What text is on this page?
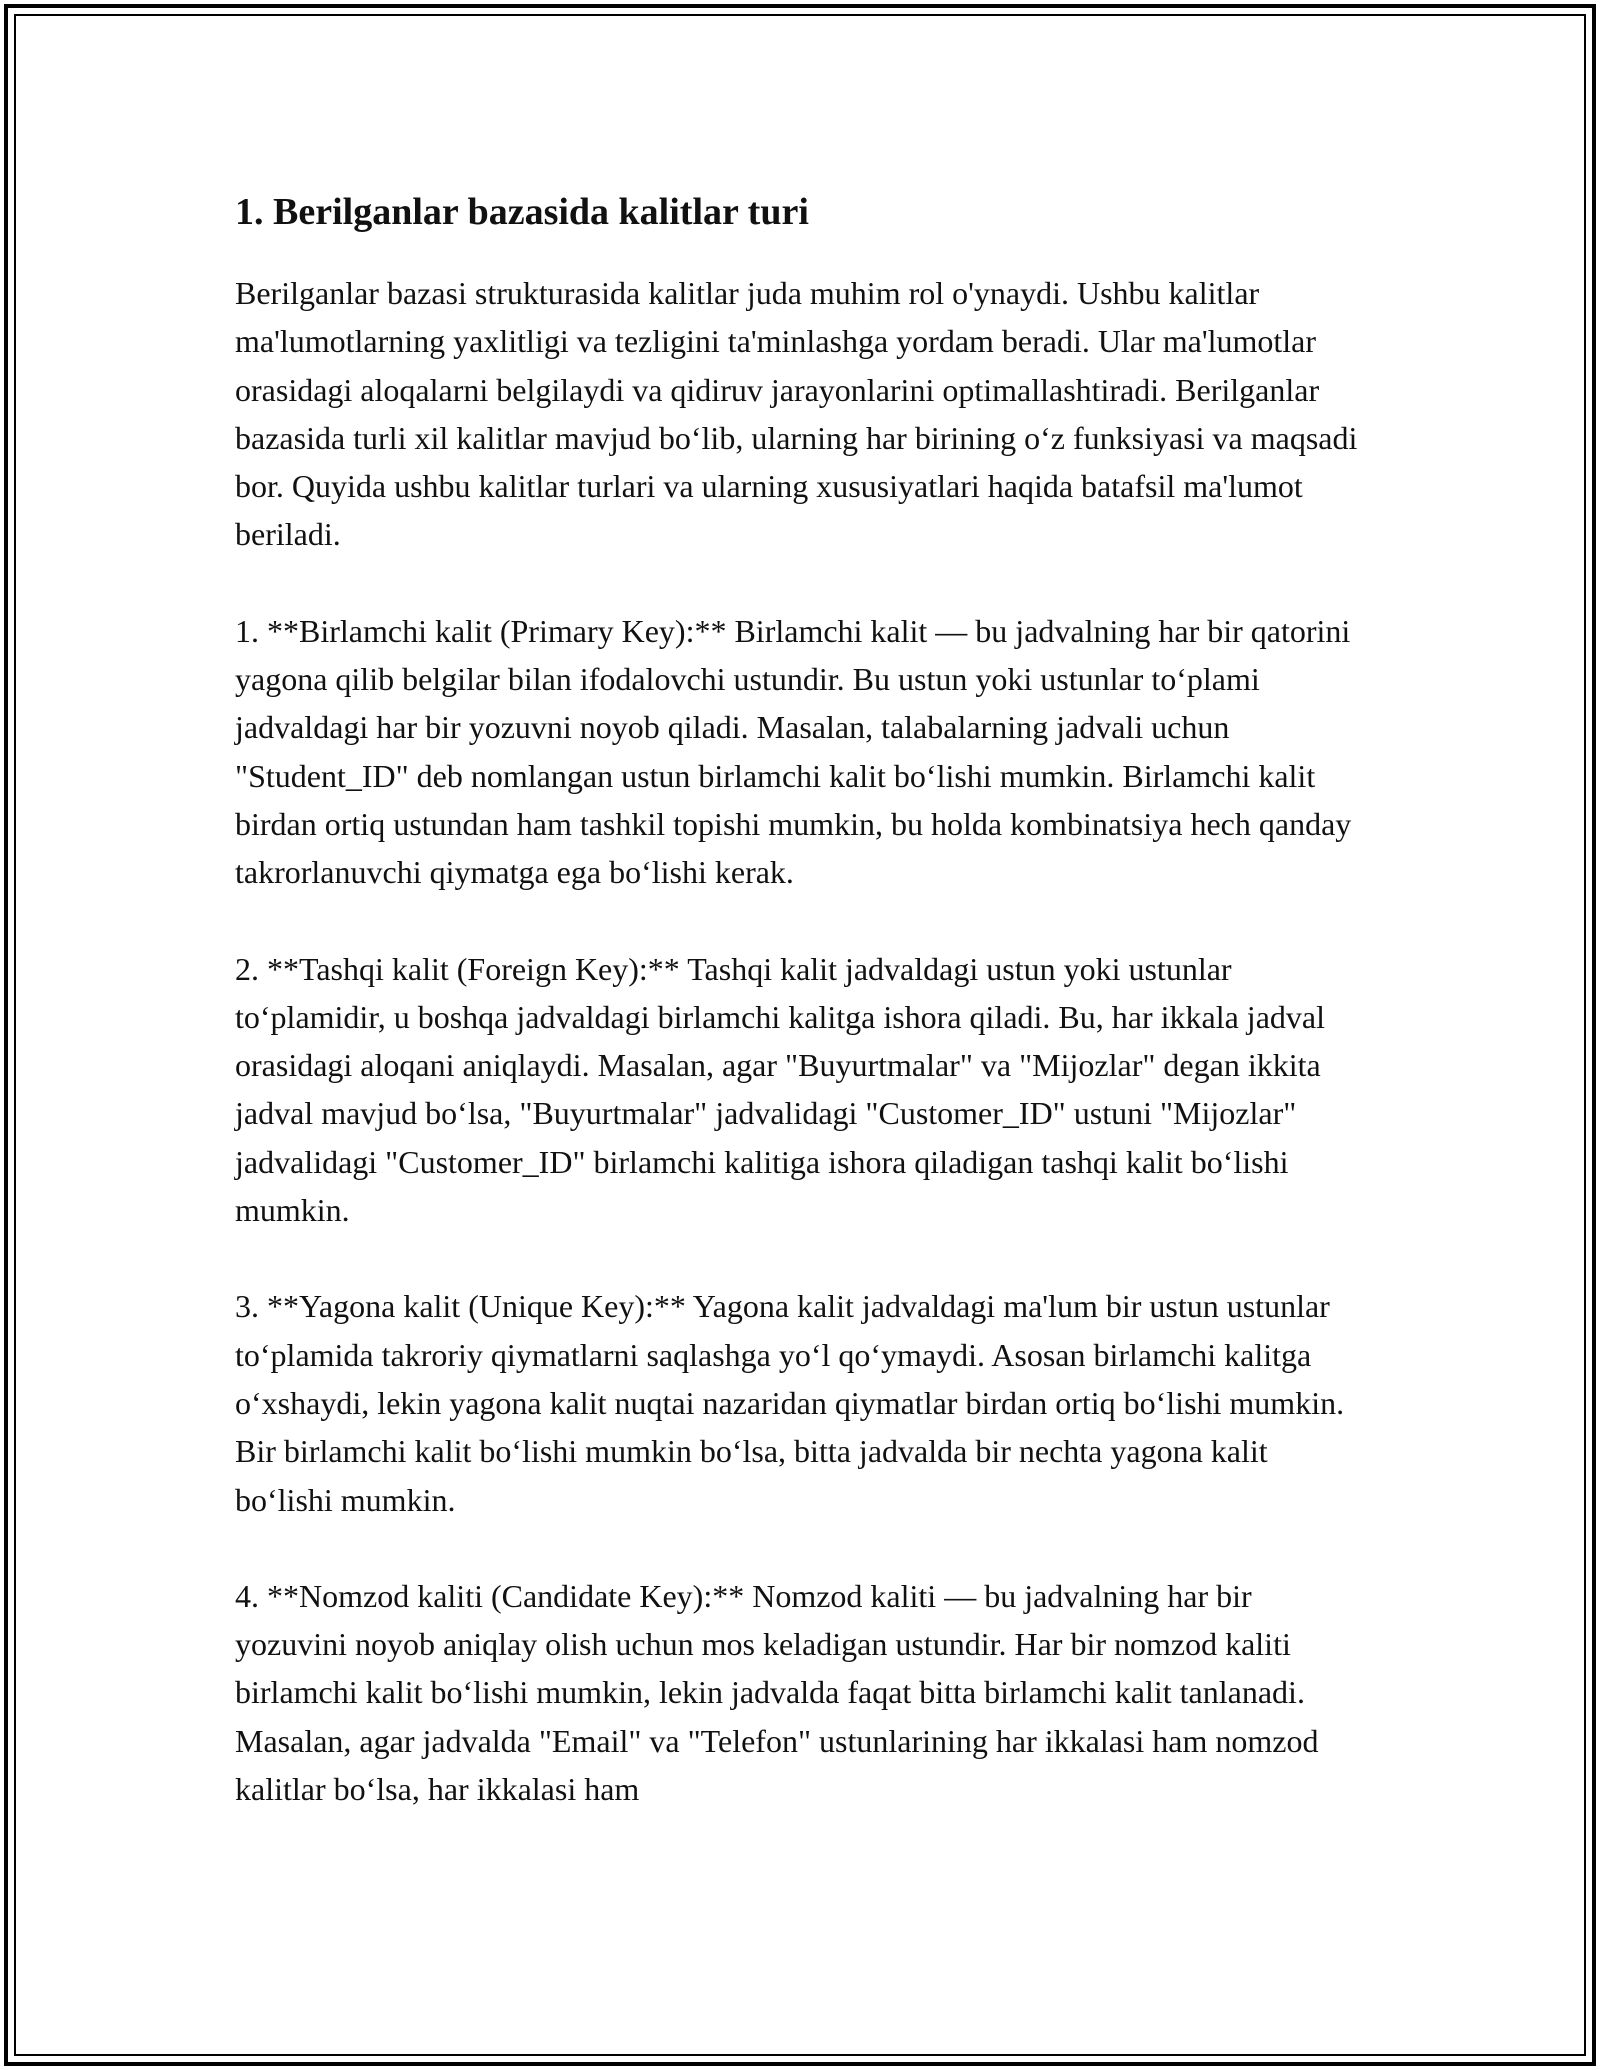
1. Berilganlar bazasida kalitlar turi

Berilganlar bazasi strukturasida kalitlar juda muhim rol o'ynaydi. Ushbu kalitlar ma'lumotlarning yaxlitligi va tezligini ta'minlashga yordam beradi. Ular ma'lumotlar orasidagi aloqalarni belgilaydi va qidiruv jarayonlarini optimallashtiradi. Berilganlar bazasida turli xil kalitlar mavjud bo‘lib, ularning har birining o‘z funksiyasi va maqsadi bor. Quyida ushbu kalitlar turlari va ularning xususiyatlari haqida batafsil ma'lumot beriladi.

1. **Birlamchi kalit (Primary Key):** Birlamchi kalit — bu jadvalning har bir qatorini yagona qilib belgilar bilan ifodalovchi ustundir. Bu ustun yoki ustunlar to‘plami jadvaldagi har bir yozuvni noyob qiladi. Masalan, talabalarning jadvali uchun "Student_ID" deb nomlangan ustun birlamchi kalit bo‘lishi mumkin. Birlamchi kalit birdan ortiq ustundan ham tashkil topishi mumkin, bu holda kombinatsiya hech qanday takrorlanuvchi qiymatga ega bo‘lishi kerak.

2. **Tashqi kalit (Foreign Key):** Tashqi kalit jadvaldagi ustun yoki ustunlar to‘plamidir, u boshqa jadvaldagi birlamchi kalitga ishora qiladi. Bu, har ikkala jadval orasidagi aloqani aniqlaydi. Masalan, agar "Buyurtmalar" va "Mijozlar" degan ikkita jadval mavjud bo‘lsa, "Buyurtmalar" jadvalidagi "Customer_ID" ustuni "Mijozlar" jadvalidagi "Customer_ID" birlamchi kalitiga ishora qiladigan tashqi kalit bo‘lishi mumkin.

3. **Yagona kalit (Unique Key):** Yagona kalit jadvaldagi ma'lum bir ustun ustunlar to‘plamida takroriy qiymatlarni saqlashga yo‘l qo‘ymaydi. Asosan birlamchi kalitga o‘xshaydi, lekin yagona kalit nuqtai nazaridan qiymatlar birdan ortiq bo‘lishi mumkin. Bir birlamchi kalit bo‘lishi mumkin bo‘lsa, bitta jadvalda bir nechta yagona kalit bo‘lishi mumkin.

4. **Nomzod kaliti (Candidate Key):** Nomzod kaliti — bu jadvalning har bir yozuvini noyob aniqlay olish uchun mos keladigan ustundir. Har bir nomzod kaliti birlamchi kalit bo‘lishi mumkin, lekin jadvalda faqat bitta birlamchi kalit tanlanadi. Masalan, agar jadvalda "Email" va "Telefon" ustunlarining har ikkalasi ham nomzod kalitlar bo‘lsa, har ikkalasi ham
